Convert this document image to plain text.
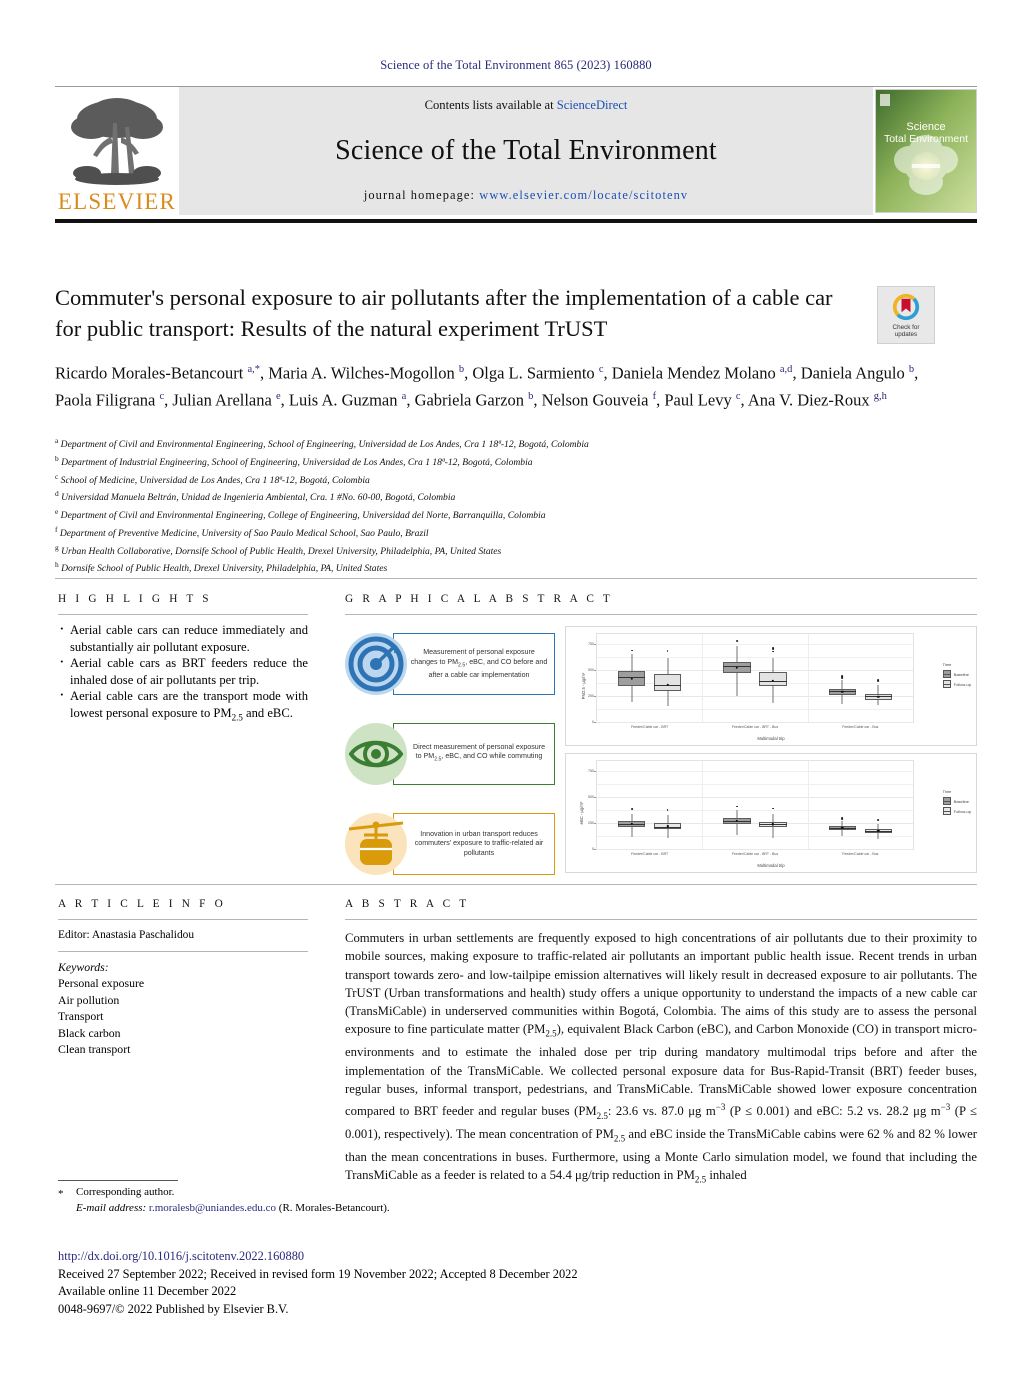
Science of the Total Environment 865 (2023) 160880
ELSEVIER
Contents lists available at ScienceDirect
Science of the Total Environment
journal homepage: www.elsevier.com/locate/scitotenv
Science
Total Environment
Commuter's personal exposure to air pollutants after the implementation of a cable car for public transport: Results of the natural experiment TrUST	Check for
updates
Ricardo Morales-Betancourt $^{a,*}$, Maria A. Wilches-Mogollon $^b$, Olga L. Sarmiento $^c$, Daniela Mendez Molano $^{a,d}$, Daniela Angulo $^b$, Paola Filigrana $^c$, Julian Arellana $^e$, Luis A. Guzman $^a$, Gabriela Garzon $^b$, Nelson Gouveia $^f$, Paul Levy $^c$, Ana V. Diez-Roux $^{g,h}$
$^a$ Department of Civil and Environmental Engineering, School of Engineering, Universidad de Los Andes, Cra 1 18ª-12, Bogotá, Colombia
$^b$ Department of Industrial Engineering, School of Engineering, Universidad de Los Andes, Cra 1 18ª-12, Bogotá, Colombia
$^c$ School of Medicine, Universidad de Los Andes, Cra 1 18ª-12, Bogotá, Colombia
$^d$ Universidad Manuela Beltrán, Unidad de Ingenieria Ambiental, Cra. 1 #No. 60-00, Bogotá, Colombia
$^e$ Department of Civil and Environmental Engineering, College of Engineering, Universidad del Norte, Barranquilla, Colombia
$^f$ Department of Preventive Medicine, University of Sao Paulo Medical School, Sao Paulo, Brazil
$^g$ Urban Health Collaborative, Dornsife School of Public Health, Drexel University, Philadelphia, PA, United States
$^h$ Dornsife School of Public Health, Drexel University, Philadelphia, PA, United States
H I G H L I G H T S
· Aerial cable cars can reduce immediately and substantially air pollutant exposure.
· Aerial cable cars as BRT feeders reduce the inhaled dose of air pollutants per trip.
· Aerial cable cars are the transport mode with lowest personal exposure to $PM_{2.5}$ and eBC.
G R A P H I C A L A B S T R A C T

Measurement of personal exposure changes to $PM_{2.5}$, eBC, and CO before and after a cable car implementation

Direct measurement of personal exposure to $PM_{2.5}$, eBC, and CO while commuting

Innovation in urban transport reduces commuters' exposure to traffic-related air pollutants

0
250
500
750
Feeder/Cable car - BRT	Feeder/Cable car - BRT - Bus	Feeder/Cable car - Bus
PM2.5 - μg/m³
Multimodal trip
Time
Baseline
Follow-up
0
250
500
750
Feeder/Cable car - BRT	Feeder/Cable car - BRT - Bus	Feeder/Cable car - Bus
eBC - μg/m³
Multimodal trip
Time
Baseline
Follow-up
A R T I C L E I N F O
Editor: Anastasia Paschalidou
Keywords:
Personal exposure
Air pollution
Transport
Black carbon
Clean transport
A B S T R A C T

Commuters in urban settlements are frequently exposed to high concentrations of air pollutants due to their proximity to mobile sources, making exposure to traffic-related air pollutants an important public health issue. Recent trends in urban transport towards zero- and low-tailpipe emission alternatives will likely result in decreased exposure to air pollutants. The TrUST (Urban transformations and health) study offers a unique opportunity to understand the impacts of a new cable car (TransMiCable) in underserved communities within Bogotá, Colombia. The aims of this study are to assess the personal exposure to fine particulate matter $(PM_{2.5})$, equivalent Black Carbon (eBC), and Carbon Monoxide (CO) in transport micro-environments and to estimate the inhaled dose per trip during mandatory multimodal trips before and after the implementation of the TransMiCable. We collected personal exposure data for Bus-Rapid-Transit (BRT) feeder buses, regular buses, informal transport, pedestrians, and TransMiCable. TransMiCable showed lower exposure concentration compared to BRT feeder and regular buses ($PM_{2.5}$: 23.6 vs. 87.0 μg $m^{-3}$ (P ≤ 0.001) and eBC: 5.2 vs. 28.2 μg $m^{-3}$ (P ≤ 0.001), respectively). The mean concentration of $PM_{2.5}$ and eBC inside the TransMiCable cabins were 62 % and 82 % lower than the mean concentrations in buses. Furthermore, using a Monte Carlo simulation model, we found that including the TransMiCable as a feeder is related to a 54.4 μg/trip reduction in $PM_{2.5}$ inhaled

*	Corresponding author.
E-mail address: r.moralesb@uniandes.edu.co (R. Morales-Betancourt).
http://dx.doi.org/10.1016/j.scitotenv.2022.160880
Received 27 September 2022; Received in revised form 19 November 2022; Accepted 8 December 2022
Available online 11 December 2022
0048-9697/© 2022 Published by Elsevier B.V.
